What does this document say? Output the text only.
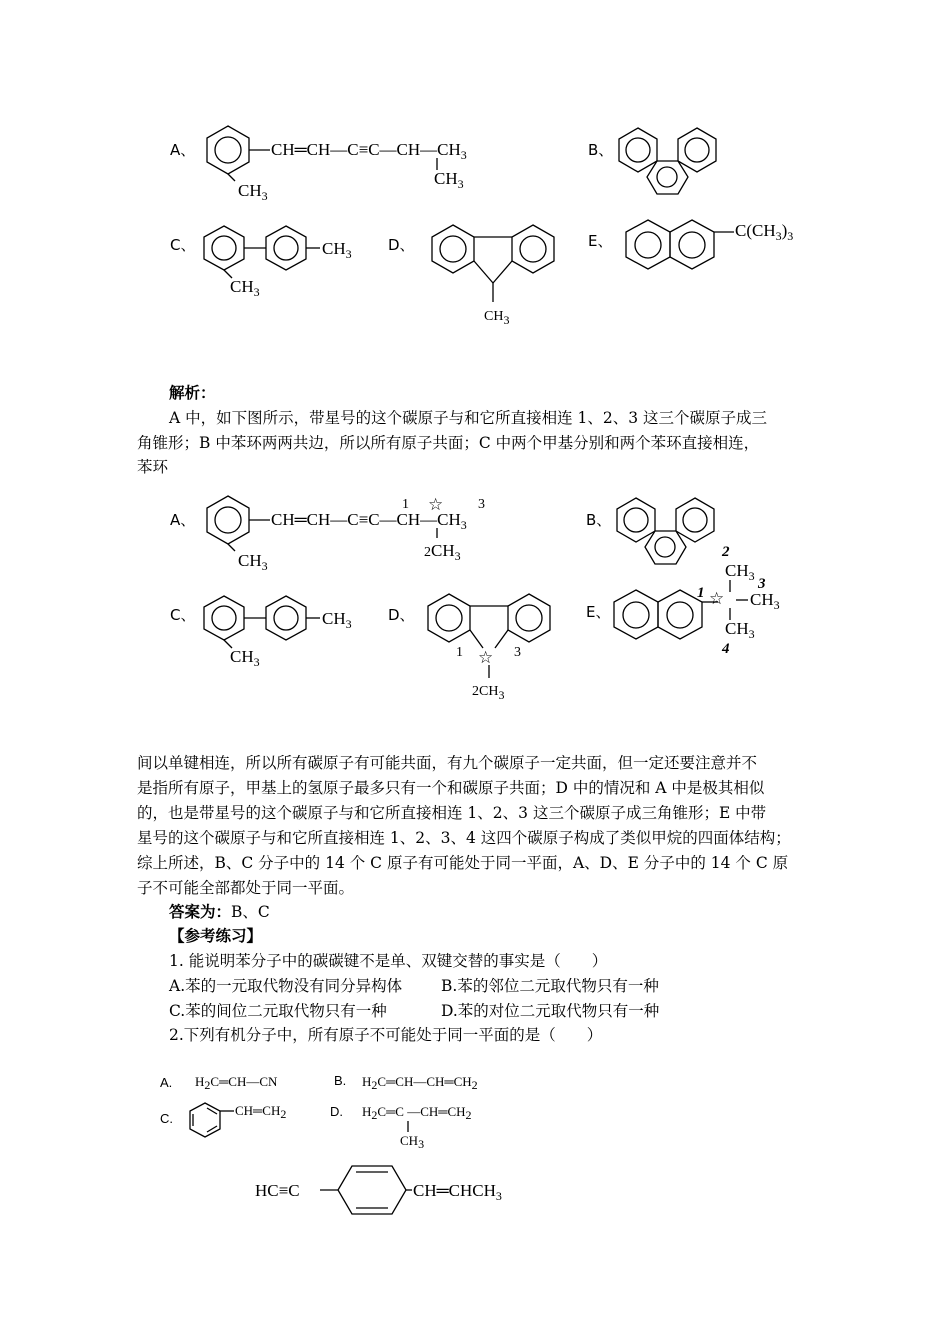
A、
$CH_3$
$CH═CH—C\equiv C—CH—CH_3$
$CH_3$
B、
C、	$CH_3$
$CH_3$
D、
CH3
E、
$C(CH_3)_3$
A、
$CH_3$
$CH═CH—C\equiv C—CH—CH_3$
1 ☆ 3
$2CH_3$
B、
C、	$CH_3$
$CH_3$
D、
1 ☆ 3
$2CH_3$
E、
2
$CH_3$
1 ☆
3
$CH_3$
$CH_3$
4
A. H2C═CH—CN	B. H2C═CH—CH═CH2
C.
CH═CH2	D. H2C═C —CH═CH2
CH3
HC≡C	$CH═CHCH_3$
解析：
A 中，如下图所示，带星号的这个碳原子与和它所直接相连 1、2、3 这三个碳原子成三
角锥形；B 中苯环两两共边，所以所有原子共面；C 中两个甲基分别和两个苯环直接相连，
苯环
间以单键相连，所以所有碳原子有可能共面，有九个碳原子一定共面，但一定还要注意并不
是指所有原子，甲基上的氢原子最多只有一个和碳原子共面；D 中的情况和 A 中是极其相似
的，也是带星号的这个碳原子与和它所直接相连 1、2、3 这三个碳原子成三角锥形；E 中带
星号的这个碳原子与和它所直接相连 1、2、3、4 这四个碳原子构成了类似甲烷的四面体结构；
综上所述，B、C 分子中的 14 个 C 原子有可能处于同一平面，A、D、E 分子中的 14 个 C 原
子不可能全部都处于同一平面。
答案为：B、C
【参考练习】
1. 能说明苯分子中的碳碳键不是单、双键交替的事实是（　　）
A.苯的一元取代物没有同分异构体	B.苯的邻位二元取代物只有一种
C.苯的间位二元取代物只有一种	D.苯的对位二元取代物只有一种
2.下列有机分子中，所有原子不可能处于同一平面的是（　　）
